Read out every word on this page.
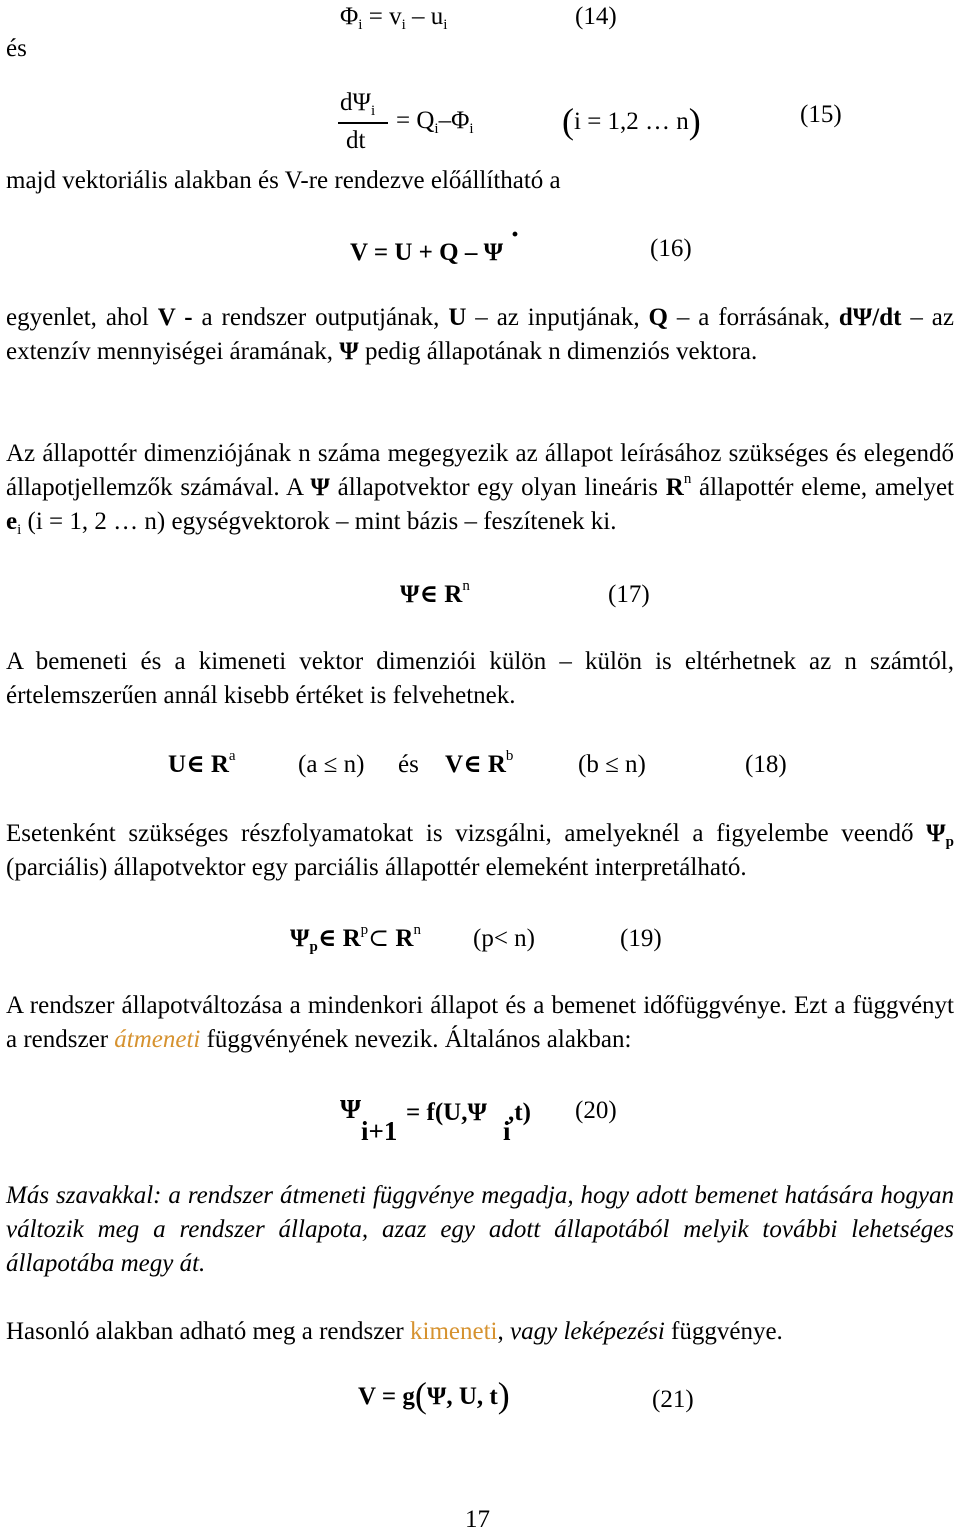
és
$\Phi_i = v_i - u_i$	(14)
$d\Psi_i$
dt
= $Q_i-\Phi_i$ (i = 1,2 … n)	(15)
majd vektoriális alakban és V-re rendezve előállítható a
V = U + Q – Ψ
·	(16)
egyenlet, ahol V - a rendszer outputjának, U – az inputjának, Q – a forrásának, dΨ/dt – az extenzív mennyiségei áramának, Ψ pedig állapotának n dimenziós vektora.
Az állapottér dimenziójának n száma megegyezik az állapot leírásához szükséges és elegendő állapotjellemzők számával. A Ψ állapotvektor egy olyan lineáris $R^n$ állapottér eleme, amelyet $e_i$ (i = 1, 2 … n) egységvektorok – mint bázis – feszítenek ki.
Ψ∈ $R^n$	(17)
A bemeneti és a kimeneti vektor dimenziói külön – külön is eltérhetnek az n számtól, értelemszerűen annál kisebb értéket is felvehetnek.
U∈ $R^a$ (a ≤ n) és V∈ $R^b$	(b ≤ n)	(18)
Esetenként szükséges részfolyamatokat is vizsgálni, amelyeknél a figyelembe veendő $\Psi_p$ (parciális) állapotvektor egy parciális állapottér elemeként interpretálható.
$\Psi_p\in$ $R^p\subset$ $R^n$ (p< n)	(19)
A rendszer állapotváltozása a mindenkori állapot és a bemenet időfüggvénye. Ezt a függvényt a rendszer átmeneti függvényének nevezik. Általános alakban:
Ψ
i+1
= f(U,Ψ
i
,t) (20)
Más szavakkal: a rendszer átmeneti függvénye megadja, hogy adott bemenet hatására hogyan változik meg a rendszer állapota, azaz egy adott állapotából melyik további lehetséges állapotába megy át.
Hasonló alakban adható meg a rendszer kimeneti, vagy leképezési függvénye.
V = g(Ψ, U, t)	(21)
17
